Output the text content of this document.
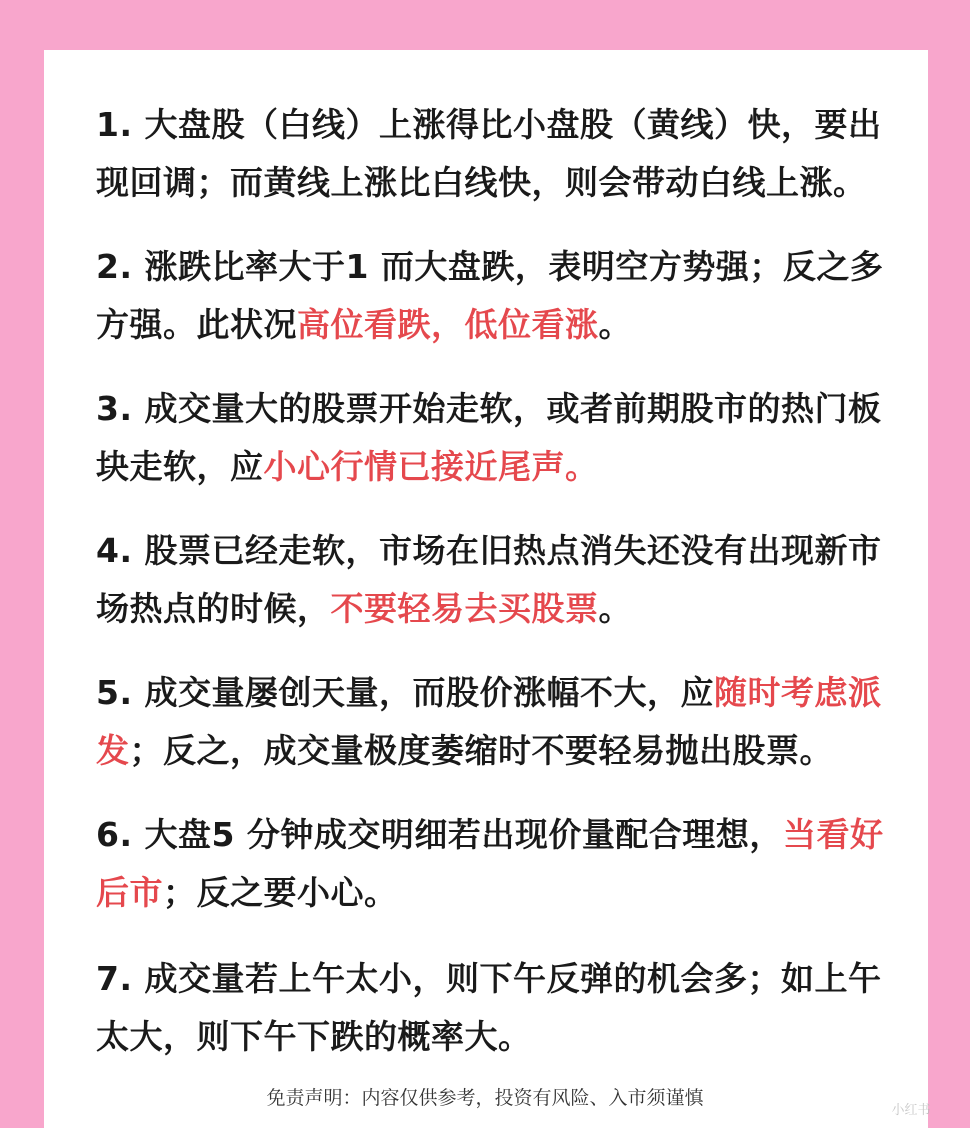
1. 大盘股（白线）上涨得比小盘股（黄线）快，要出现回调；而黄线上涨比白线快，则会带动白线上涨。
2. 涨跌比率大于1 而大盘跌，表明空方势强；反之多方强。此状况高位看跌，低位看涨。
3. 成交量大的股票开始走软，或者前期股市的热门板块走软，应小心行情已接近尾声。
4. 股票已经走软，市场在旧热点消失还没有出现新市场热点的时候，不要轻易去买股票。
5. 成交量屡创天量，而股价涨幅不大，应随时考虑派发；反之，成交量极度萎缩时不要轻易抛出股票。
6. 大盘5 分钟成交明细若出现价量配合理想，当看好后市；反之要小心。
7. 成交量若上午太小，则下午反弹的机会多；如上午太大，则下午下跌的概率大。
免责声明：内容仅供参考，投资有风险、入市须谨慎
小红书
